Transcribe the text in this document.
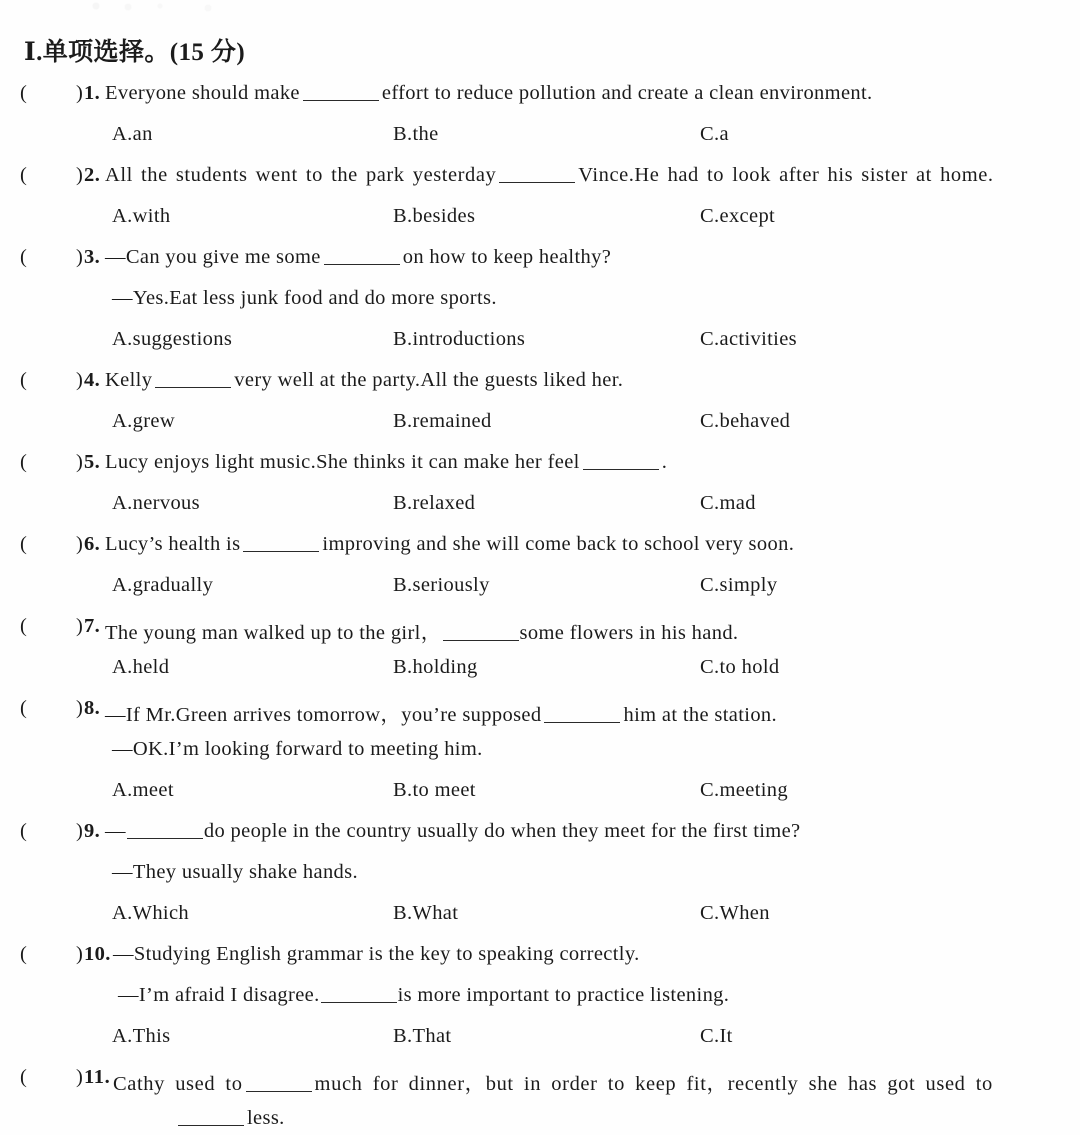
Ⅰ.单项选择。(15 分)
( ) 1. Everyone should make	effort to reduce pollution and create a clean environment.
A.an	B.the	C.a
( ) 2. All the students went to the park yesterday	Vince.He had to look after his sister at home.
A.with	B.besides	C.except
( ) 3. —Can you give me some	on how to keep healthy?
—Yes.Eat less junk food and do more sports.
A.suggestions	B.introductions	C.activities
( ) 4. Kelly	very well at the party.All the guests liked her.
A.grew	B.remained	C.behaved
( ) 5. Lucy enjoys light music.She thinks it can make her feel	.
A.nervous	B.relaxed	C.mad
( ) 6. Lucy’s health is	improving and she will come back to school very soon.
A.gradually	B.seriously	C.simply
( ) 7. The young man walked up to the girl，	some flowers in his hand.
A.held	B.holding	C.to hold
( ) 8. —If Mr.Green arrives tomorrow，you’re supposed	him at the station.
—OK.I’m looking forward to meeting him.
A.meet	B.to meet	C.meeting
( ) 9. —	do people in the country usually do when they meet for the first time?
—They usually shake hands.
A.Which	B.What	C.When
( ) 10. —Studying English grammar is the key to speaking correctly.
—I’m afraid I disagree.	is more important to practice listening.
A.This	B.That	C.It
( ) 11. Cathy used to	much for dinner，but in order to keep fit，recently she has got used to
less.
